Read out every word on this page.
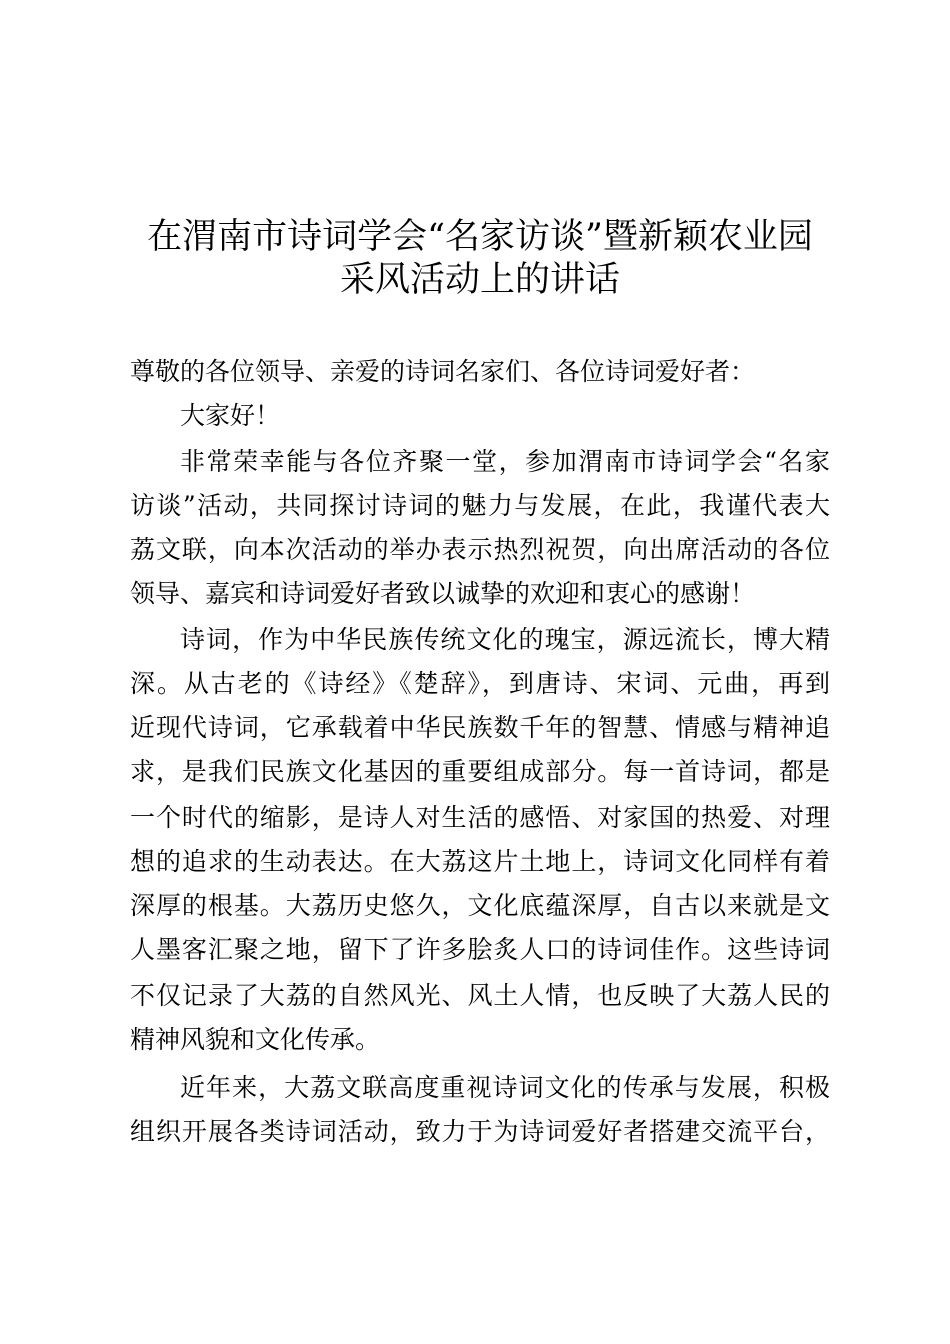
在渭南市诗词学会“名家访谈”暨新颖农业园
采风活动上的讲话
尊敬的各位领导、亲爱的诗词名家们、各位诗词爱好者：
大家好！
非常荣幸能与各位齐聚一堂，参加渭南市诗词学会“名家
访谈”活动，共同探讨诗词的魅力与发展，在此，我谨代表大
荔文联，向本次活动的举办表示热烈祝贺，向出席活动的各位
领导、嘉宾和诗词爱好者致以诚挚的欢迎和衷心的感谢！
诗词，作为中华民族传统文化的瑰宝，源远流长，博大精
深。从古老的《诗经》《楚辞》，到唐诗、宋词、元曲，再到
近现代诗词，它承载着中华民族数千年的智慧、情感与精神追
求，是我们民族文化基因的重要组成部分。每一首诗词，都是
一个时代的缩影，是诗人对生活的感悟、对家国的热爱、对理
想的追求的生动表达。在大荔这片土地上，诗词文化同样有着
深厚的根基。大荔历史悠久，文化底蕴深厚，自古以来就是文
人墨客汇聚之地，留下了许多脍炙人口的诗词佳作。这些诗词
不仅记录了大荔的自然风光、风土人情，也反映了大荔人民的
精神风貌和文化传承。
近年来，大荔文联高度重视诗词文化的传承与发展，积极
组织开展各类诗词活动，致力于为诗词爱好者搭建交流平台，
